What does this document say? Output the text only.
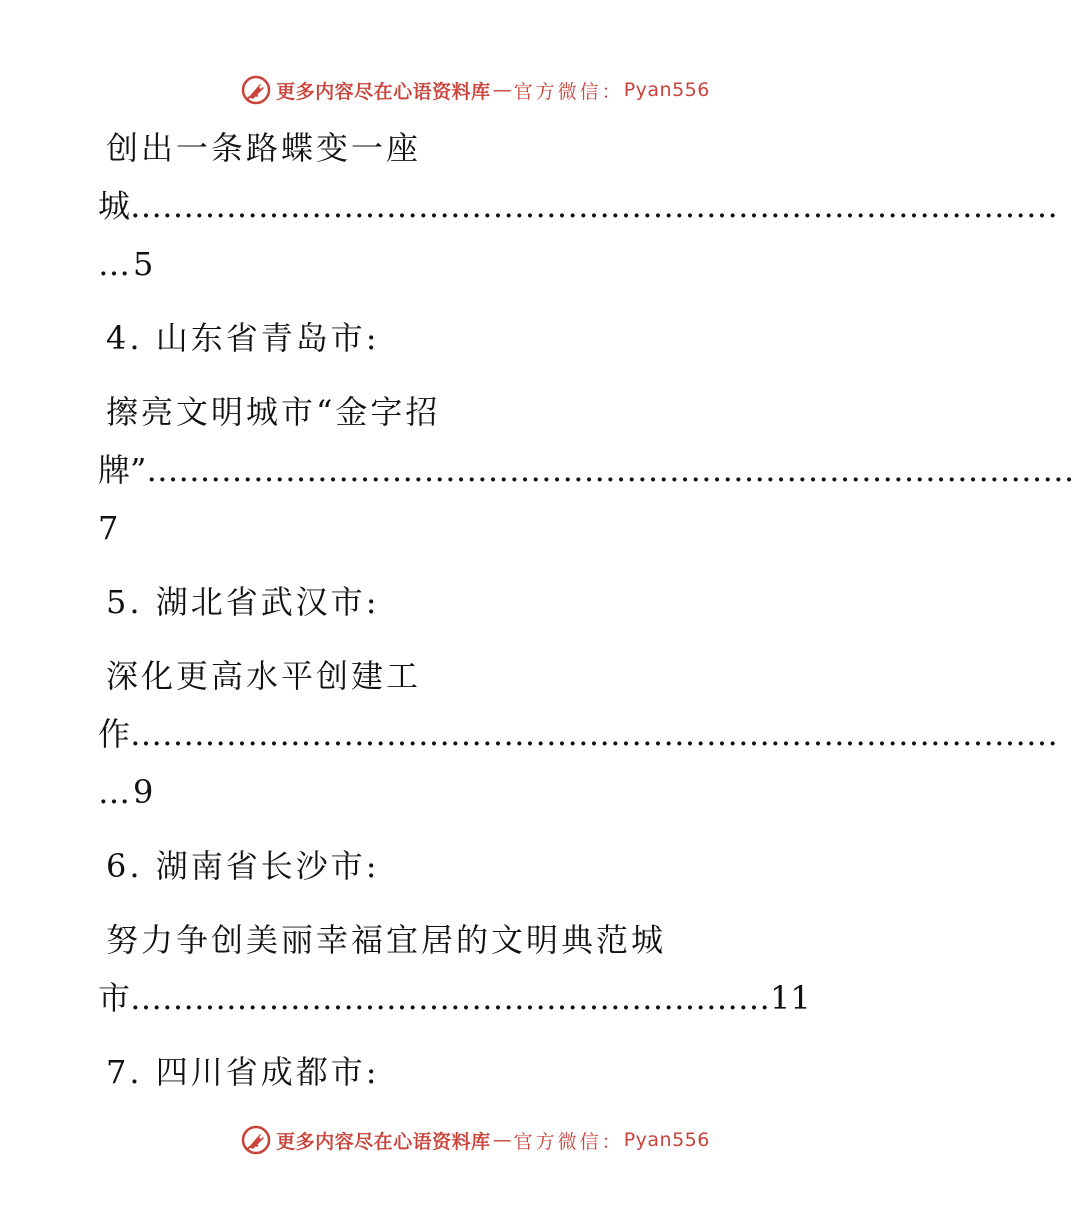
更多内容尽在心语资料库 — 官方微信： Pyan556
创出一条路蝶变一座
城……………………………………………………………………………
…5
4. 山东省青岛市:
擦亮文明城市“金字招
牌”……………………………………………………………………………
7
5. 湖北省武汉市:
深化更高水平创建工
作……………………………………………………………………………
…9
6. 湖南省长沙市:
努力争创美丽幸福宜居的文明典范城
市……………………………………………………11
7. 四川省成都市:
更多内容尽在心语资料库 — 官方微信： Pyan556
